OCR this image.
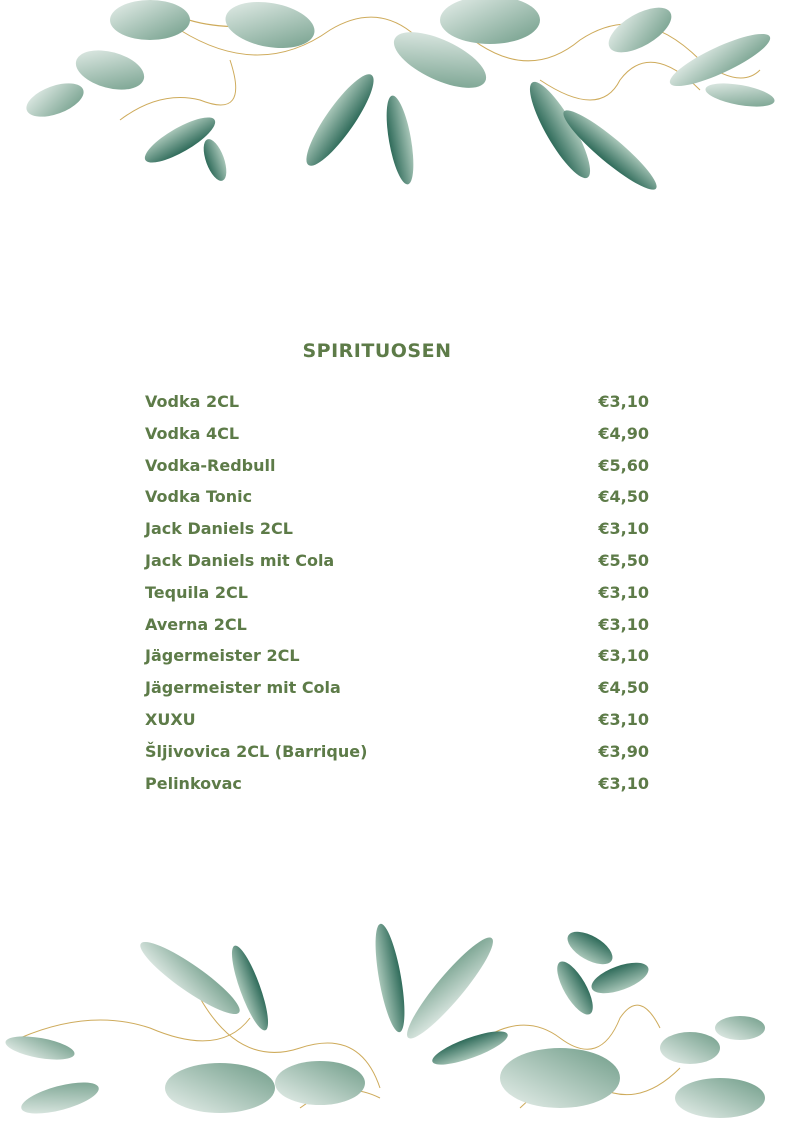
SPIRITUOSEN
Vodka 2CL	€3,10
Vodka 4CL	€4,90
Vodka-Redbull	€5,60
Vodka Tonic	€4,50
Jack Daniels 2CL	€3,10
Jack Daniels mit Cola	€5,50
Tequila 2CL	€3,10
Averna 2CL	€3,10
Jägermeister 2CL	€3,10
Jägermeister mit Cola	€4,50
XUXU	€3,10
Šljivovica 2CL (Barrique)	€3,90
Pelinkovac	€3,10
